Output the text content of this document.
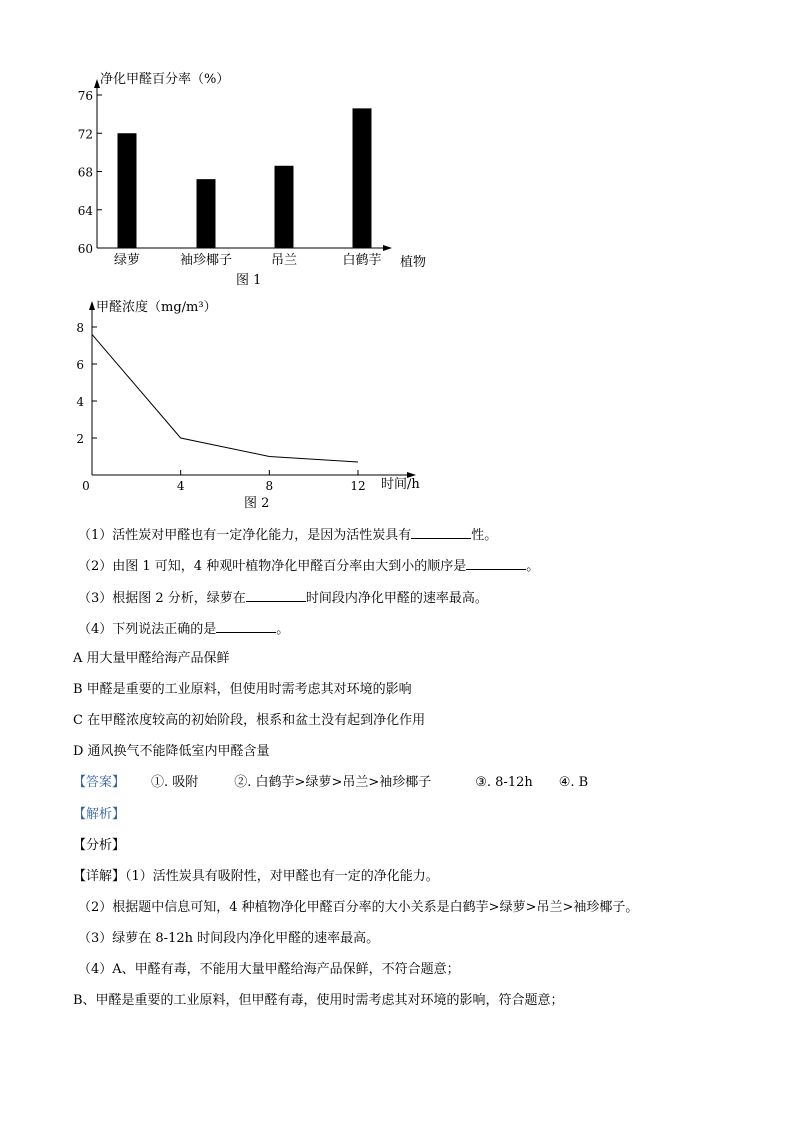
净化甲醛百分率（%）
60
64
68
72
76
绿萝	袖珍椰子	吊兰	白鹤芋 植物
图 1
甲醛浓度（mg/m³）
2
4
6
8
0	4	8	12 时间/h
图 2
（1）活性炭对甲醛也有一定净化能力，是因为活性炭具有	性。
（2）由图 1 可知，4 种观叶植物净化甲醛百分率由大到小的顺序是	。
（3）根据图 2 分析，绿萝在	时间段内净化甲醛的速率最高。
（4）下列说法正确的是	。
A 用大量甲醛给海产品保鲜
B 甲醛是重要的工业原料，但使用时需考虑其对环境的影响
C 在甲醛浓度较高的初始阶段，根系和盆土没有起到净化作用
D 通风换气不能降低室内甲醛含量
【答案】 ①. 吸附	②. 白鹤芋>绿萝>吊兰>袖珍椰子	③. 8-12h ④. B
【解析】
【分析】
【详解】（1）活性炭具有吸附性，对甲醛也有一定的净化能力。
（2）根据题中信息可知，4 种植物净化甲醛百分率的大小关系是白鹤芋>绿萝>吊兰>袖珍椰子。
（3）绿萝在 8-12h 时间段内净化甲醛的速率最高。
（4）A、甲醛有毒，不能用大量甲醛给海产品保鲜，不符合题意；
B、甲醛是重要的工业原料，但甲醛有毒，使用时需考虑其对环境的影响，符合题意；
